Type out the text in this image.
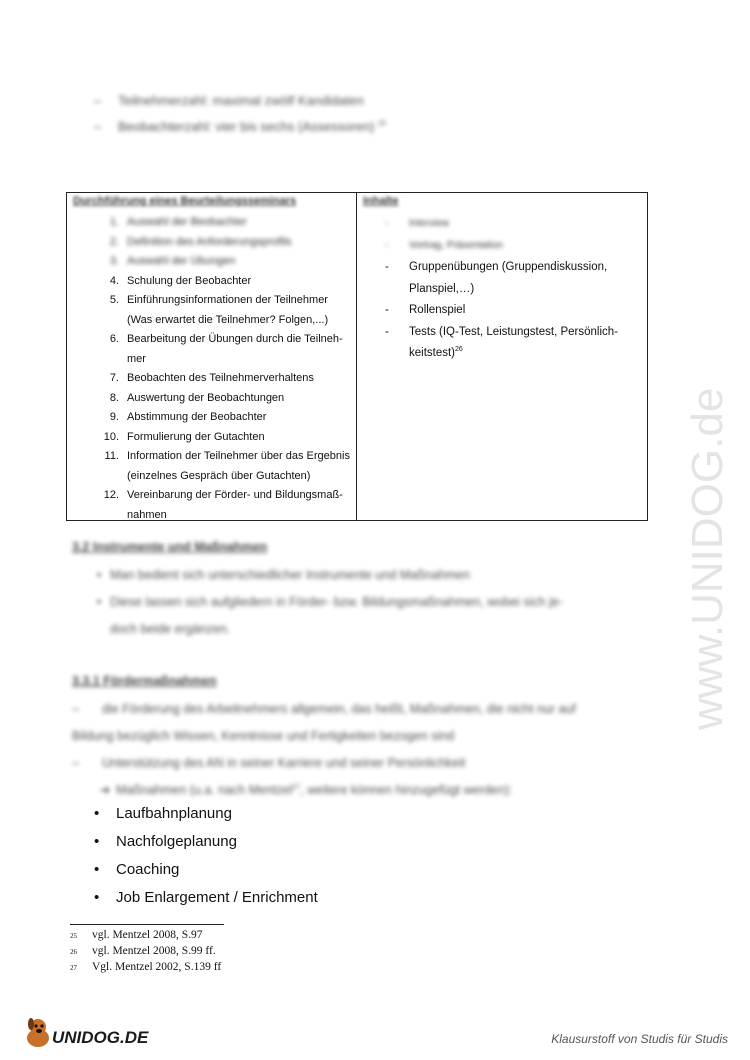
– Teilnehmerzahl: maximal zwölf Kandidaten
– Beobachterzahl: vier bis sechs (Assessoren) $^{25}$
Durchführung eines Beurteilungsseminars	Inhalte
1. Auswahl der Beobachter
2. Definition des Anforderungsprofils
3. Auswahl der Übungen
4. Schulung der Beobachter
5. Einführungsinformationen der Teilnehmer
(Was erwartet die Teilnehmer? Folgen,...)
6. Bearbeitung der Übungen durch die Teilneh-
mer
7. Beobachten des Teilnehmerverhaltens
8. Auswertung der Beobachtungen
9. Abstimmung der Beobachter
10. Formulierung der Gutachten
11. Information der Teilnehmer über das Ergebnis
(einzelnes Gespräch über Gutachten)
12. Vereinbarung der Förder- und Bildungsmaß-
nahmen
-	Interview
-	Vortrag, Präsentation
-	Gruppenübungen (Gruppendiskussion,
Planspiel,…)
-	Rollenspiel
-	Tests (IQ-Test, Leistungstest, Persönlich-
keitstest)$^{26}$
3.2 Instrumente und Maßnahmen
• Man bedient sich unterschiedlicher Instrumente und Maßnahmen
• Diese lassen sich aufgliedern in Förder- bzw. Bildungsmaßnahmen, wobei sich je-
doch beide ergänzen.
3.3.1 Fördermaßnahmen
–	die Förderung des Arbeitnehmers allgemein, das heißt, Maßnahmen, die nicht nur auf
Bildung bezüglich Wissen, Kenntnisse und Fertigkeiten bezogen sind
–	Unterstützung des AN in seiner Karriere und seiner Persönlichkeit
➔ Maßnahmen (u.a. nach Mentzel$^{27}$, weitere können hinzugefügt werden):
•	Laufbahnplanung
•	Nachfolgeplanung
•	Coaching
•	Job Enlargement / Enrichment
25	vgl. Mentzel 2008, S.97
26	vgl. Mentzel 2008, S.99 ff.
27	Vgl. Mentzel 2002, S.139 ff
www.UNIDOG.de
UNIDOG.DE	Klausurstoff von Studis für Studis
